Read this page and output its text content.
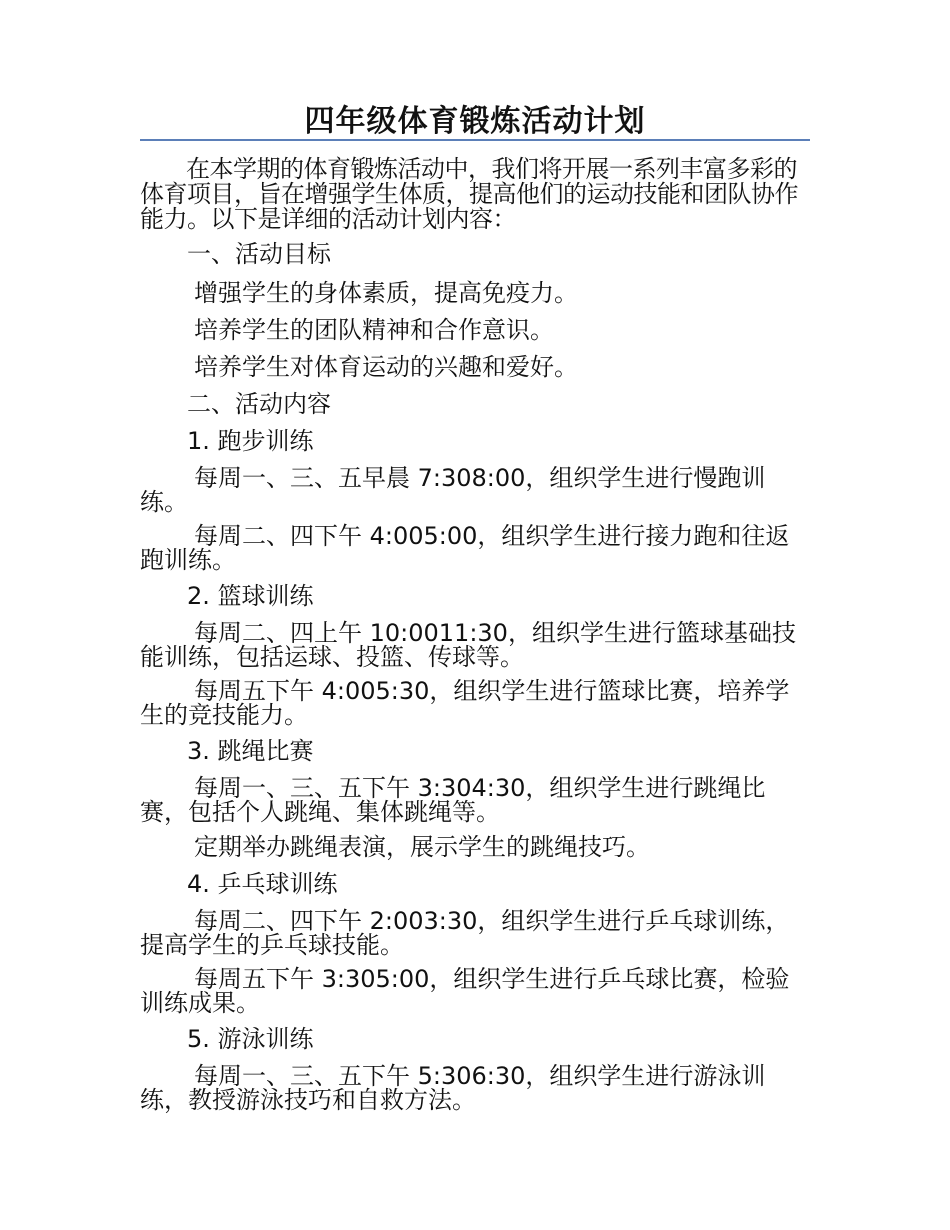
四年级体育锻炼活动计划
在本学期的体育锻炼活动中，我们将开展一系列丰富多彩的体育项目，旨在增强学生体质，提高他们的运动技能和团队协作能力。以下是详细的活动计划内容：
一、活动目标
增强学生的身体素质，提高免疫力。
培养学生的团队精神和合作意识。
培养学生对体育运动的兴趣和爱好。
二、活动内容
1. 跑步训练
每周一、三、五早晨 7:308:00，组织学生进行慢跑训
练。
每周二、四下午 4:005:00，组织学生进行接力跑和往返
跑训练。
2. 篮球训练
每周二、四上午 10:0011:30，组织学生进行篮球基础技
能训练，包括运球、投篮、传球等。
每周五下午 4:005:30，组织学生进行篮球比赛，培养学
生的竞技能力。
3. 跳绳比赛
每周一、三、五下午 3:304:30，组织学生进行跳绳比
赛，包括个人跳绳、集体跳绳等。
定期举办跳绳表演，展示学生的跳绳技巧。
4. 乒乓球训练
每周二、四下午 2:003:30，组织学生进行乒乓球训练，
提高学生的乒乓球技能。
每周五下午 3:305:00，组织学生进行乒乓球比赛，检验
训练成果。
5. 游泳训练
每周一、三、五下午 5:306:30，组织学生进行游泳训
练，教授游泳技巧和自救方法。
